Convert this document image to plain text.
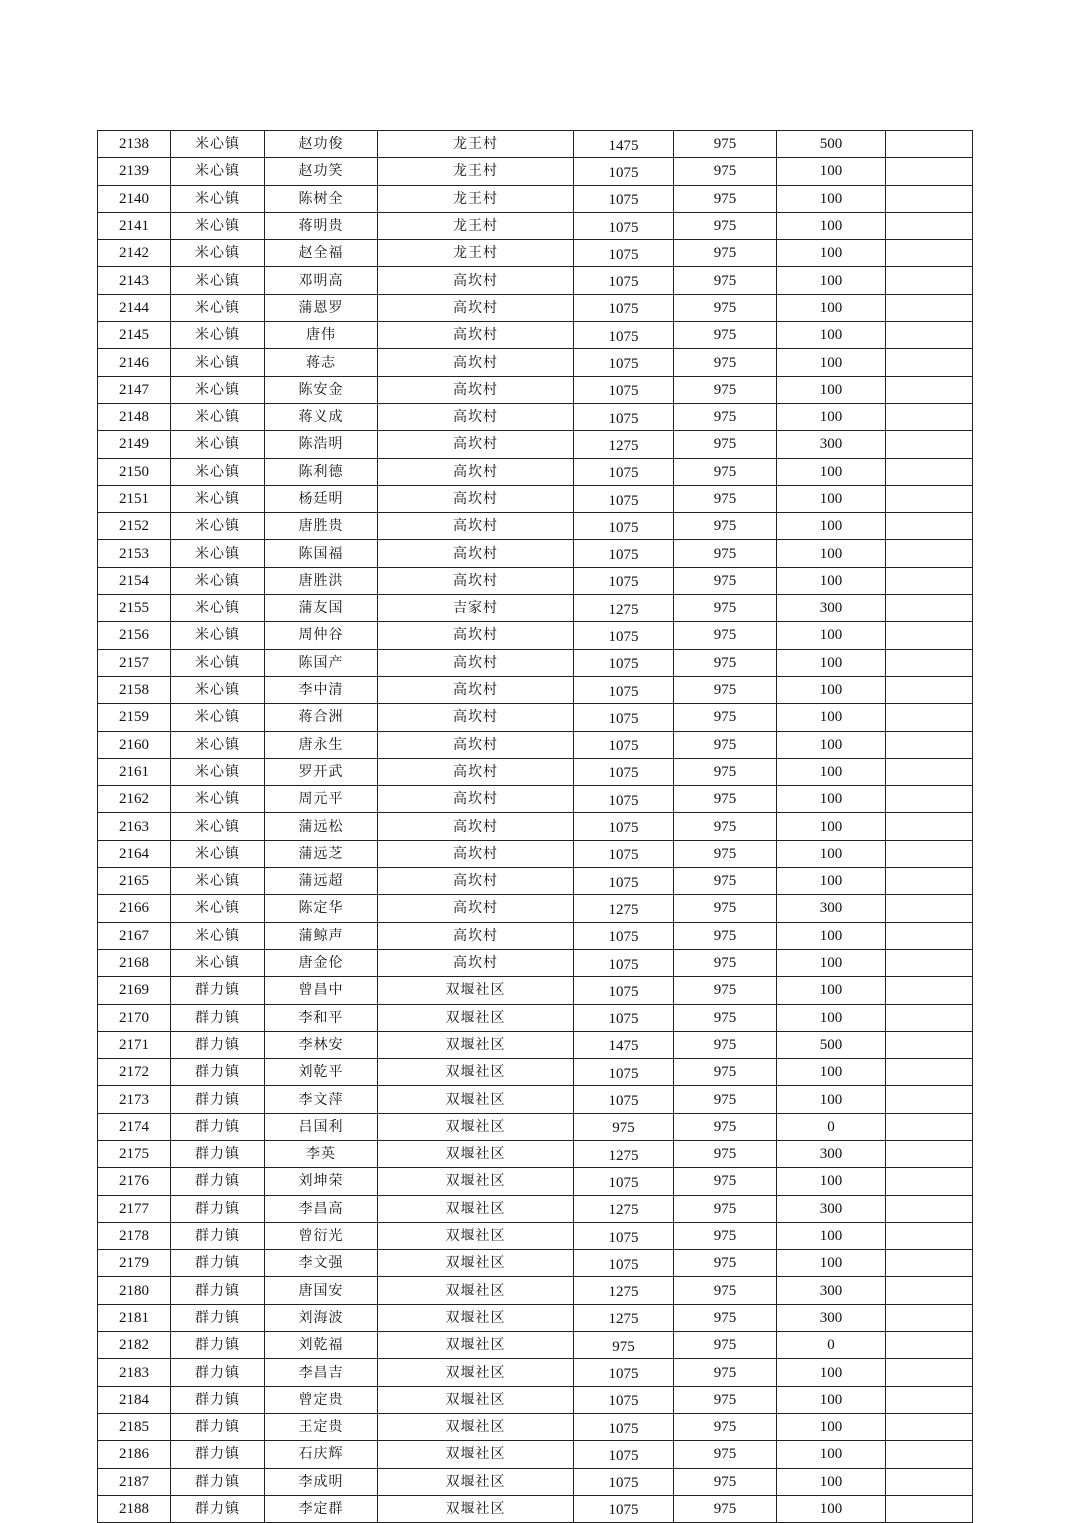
2138	米心镇	赵功俊	龙王村	1475	975	500	
2139	米心镇	赵功笑	龙王村	1075	975	100	
2140	米心镇	陈树全	龙王村	1075	975	100	
2141	米心镇	蒋明贵	龙王村	1075	975	100	
2142	米心镇	赵全福	龙王村	1075	975	100	
2143	米心镇	邓明高	高坎村	1075	975	100	
2144	米心镇	蒲恩罗	高坎村	1075	975	100	
2145	米心镇	唐伟	高坎村	1075	975	100	
2146	米心镇	蒋志	高坎村	1075	975	100	
2147	米心镇	陈安金	高坎村	1075	975	100	
2148	米心镇	蒋义成	高坎村	1075	975	100	
2149	米心镇	陈浩明	高坎村	1275	975	300	
2150	米心镇	陈利德	高坎村	1075	975	100	
2151	米心镇	杨廷明	高坎村	1075	975	100	
2152	米心镇	唐胜贵	高坎村	1075	975	100	
2153	米心镇	陈国福	高坎村	1075	975	100	
2154	米心镇	唐胜洪	高坎村	1075	975	100	
2155	米心镇	蒲友国	吉家村	1275	975	300	
2156	米心镇	周仲谷	高坎村	1075	975	100	
2157	米心镇	陈国产	高坎村	1075	975	100	
2158	米心镇	李中清	高坎村	1075	975	100	
2159	米心镇	蒋合洲	高坎村	1075	975	100	
2160	米心镇	唐永生	高坎村	1075	975	100	
2161	米心镇	罗开武	高坎村	1075	975	100	
2162	米心镇	周元平	高坎村	1075	975	100	
2163	米心镇	蒲远松	高坎村	1075	975	100	
2164	米心镇	蒲远芝	高坎村	1075	975	100	
2165	米心镇	蒲远超	高坎村	1075	975	100	
2166	米心镇	陈定华	高坎村	1275	975	300	
2167	米心镇	蒲鲸声	高坎村	1075	975	100	
2168	米心镇	唐金伦	高坎村	1075	975	100	
2169	群力镇	曾昌中	双堰社区	1075	975	100	
2170	群力镇	李和平	双堰社区	1075	975	100	
2171	群力镇	李林安	双堰社区	1475	975	500	
2172	群力镇	刘乾平	双堰社区	1075	975	100	
2173	群力镇	李文萍	双堰社区	1075	975	100	
2174	群力镇	吕国利	双堰社区	975	975	0	
2175	群力镇	李英	双堰社区	1275	975	300	
2176	群力镇	刘坤荣	双堰社区	1075	975	100	
2177	群力镇	李昌高	双堰社区	1275	975	300	
2178	群力镇	曾衍光	双堰社区	1075	975	100	
2179	群力镇	李文强	双堰社区	1075	975	100	
2180	群力镇	唐国安	双堰社区	1275	975	300	
2181	群力镇	刘海波	双堰社区	1275	975	300	
2182	群力镇	刘乾福	双堰社区	975	975	0	
2183	群力镇	李昌吉	双堰社区	1075	975	100	
2184	群力镇	曾定贵	双堰社区	1075	975	100	
2185	群力镇	王定贵	双堰社区	1075	975	100	
2186	群力镇	石庆辉	双堰社区	1075	975	100	
2187	群力镇	李成明	双堰社区	1075	975	100	
2188	群力镇	李定群	双堰社区	1075	975	100	
